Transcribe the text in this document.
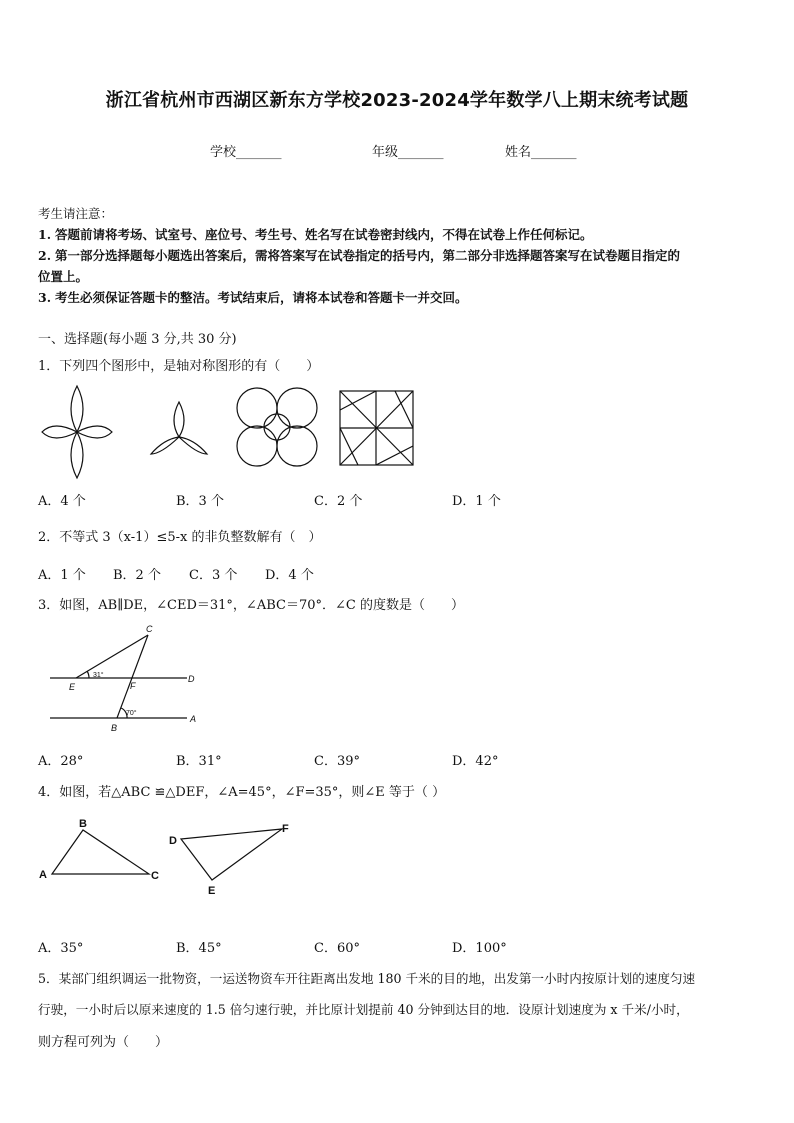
浙江省杭州市西湖区新东方学校2023-2024学年数学八上期末统考试题
学校_______	年级_______	姓名_______
考生请注意：
1. 答题前请将考场、试室号、座位号、考生号、姓名写在试卷密封线内，不得在试卷上作任何标记。
2. 第一部分选择题每小题选出答案后，需将答案写在试卷指定的括号内，第二部分非选择题答案写在试卷题目指定的
位置上。
3. 考生必须保证答题卡的整洁。考试结束后，请将本试卷和答题卡一并交回。
一、选择题(每小题 3 分,共 30 分)
1．下列四个图形中，是轴对称图形的有（　　）
A．4 个	B．3 个	C．2 个	D．1 个
2．不等式 3（x-1）≤5-x 的非负整数解有（　）
A．1 个 B．2 个 C．3 个 D．4 个
3．如图，AB∥DE，∠CED＝31°，∠ABC＝70°．∠C 的度数是（　　）
C
E	F
D
B
A
31°
70°
A．28°	B．31°	C．39°	D．42°
4．如图，若△ABC ≌△DEF，∠A=45°，∠F=35°，则∠E 等于（ ）
A
B
C
D
E
F
A．35°	B．45°	C．60°	D．100°
5．某部门组织调运一批物资，一运送物资车开往距离出发地 180 千米的目的地，出发第一小时内按原计划的速度匀速
行驶，一小时后以原来速度的 1.5 倍匀速行驶，并比原计划提前 40 分钟到达目的地．设原计划速度为 x 千米/小时，
则方程可列为（　　）
